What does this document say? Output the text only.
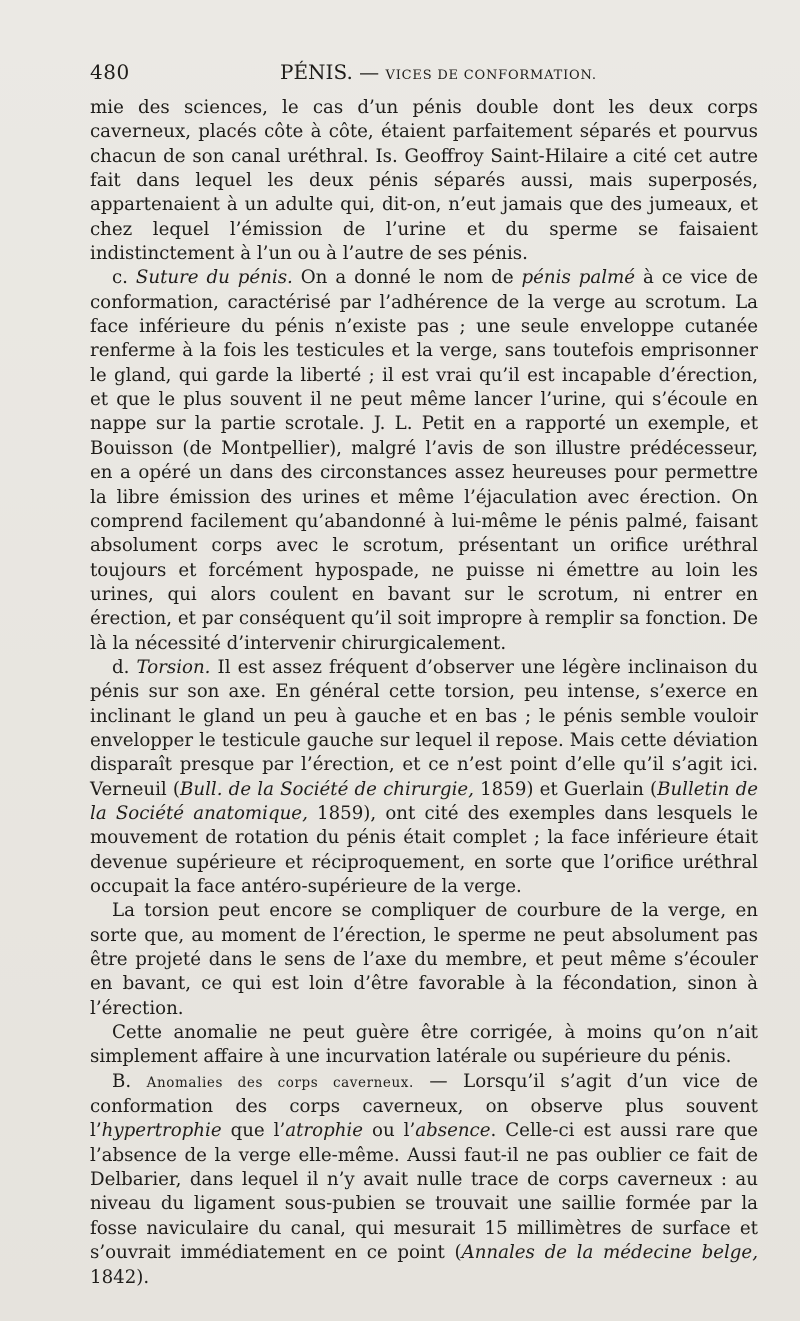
480	PÉNIS. — VICES DE CONFORMATION.

mie des sciences, le cas d’un pénis double dont les deux corps caverneux, placés côte à côte, étaient parfaitement séparés et pourvus chacun de son canal uréthral. Is. Geoffroy Saint-Hilaire a cité cet autre fait dans lequel les deux pénis séparés aussi, mais superposés, appartenaient à un adulte qui, dit-on, n’eut jamais que des jumeaux, et chez lequel l’émission de l’urine et du sperme se faisaient indistinctement à l’un ou à l’autre de ses pénis.

c. Suture du pénis. On a donné le nom de pénis palmé à ce vice de conformation, caractérisé par l’adhérence de la verge au scrotum. La face inférieure du pénis n’existe pas ; une seule enveloppe cutanée renferme à la fois les testicules et la verge, sans toutefois emprisonner le gland, qui garde la liberté ; il est vrai qu’il est incapable d’érection, et que le plus souvent il ne peut même lancer l’urine, qui s’écoule en nappe sur la partie scrotale. J. L. Petit en a rapporté un exemple, et Bouisson (de Montpellier), malgré l’avis de son illustre prédécesseur, en a opéré un dans des circonstances assez heureuses pour permettre la libre émission des urines et même l’éjaculation avec érection. On comprend facilement qu’abandonné à lui-même le pénis palmé, faisant absolument corps avec le scrotum, présentant un orifice uréthral toujours et forcément hypospade, ne puisse ni émettre au loin les urines, qui alors coulent en bavant sur le scrotum, ni entrer en érection, et par conséquent qu’il soit impropre à remplir sa fonction. De là la nécessité d’intervenir chirurgicalement.

d. Torsion. Il est assez fréquent d’observer une légère inclinaison du pénis sur son axe. En général cette torsion, peu intense, s’exerce en inclinant le gland un peu à gauche et en bas ; le pénis semble vouloir envelopper le testicule gauche sur lequel il repose. Mais cette déviation disparaît presque par l’érection, et ce n’est point d’elle qu’il s’agit ici. Verneuil (Bull. de la Société de chirurgie, 1859) et Guerlain (Bulletin de la Société anatomique, 1859), ont cité des exemples dans lesquels le mouvement de rotation du pénis était complet ; la face inférieure était devenue supérieure et réciproquement, en sorte que l’orifice uréthral occupait la face antéro-supérieure de la verge.

La torsion peut encore se compliquer de courbure de la verge, en sorte que, au moment de l’érection, le sperme ne peut absolument pas être projeté dans le sens de l’axe du membre, et peut même s’écouler en bavant, ce qui est loin d’être favorable à la fécondation, sinon à l’érection.

Cette anomalie ne peut guère être corrigée, à moins qu’on n’ait simplement affaire à une incurvation latérale ou supérieure du pénis.

B. Anomalies des corps caverneux. — Lorsqu’il s’agit d’un vice de conformation des corps caverneux, on observe plus souvent l’hypertrophie que l’atrophie ou l’absence. Celle-ci est aussi rare que l’absence de la verge elle-même. Aussi faut-il ne pas oublier ce fait de Delbarier, dans lequel il n’y avait nulle trace de corps caverneux : au niveau du ligament sous-pubien se trouvait une saillie formée par la fosse naviculaire du canal, qui mesurait 15 millimètres de surface et s’ouvrait immédiatement en ce point (Annales de la médecine belge, 1842).
